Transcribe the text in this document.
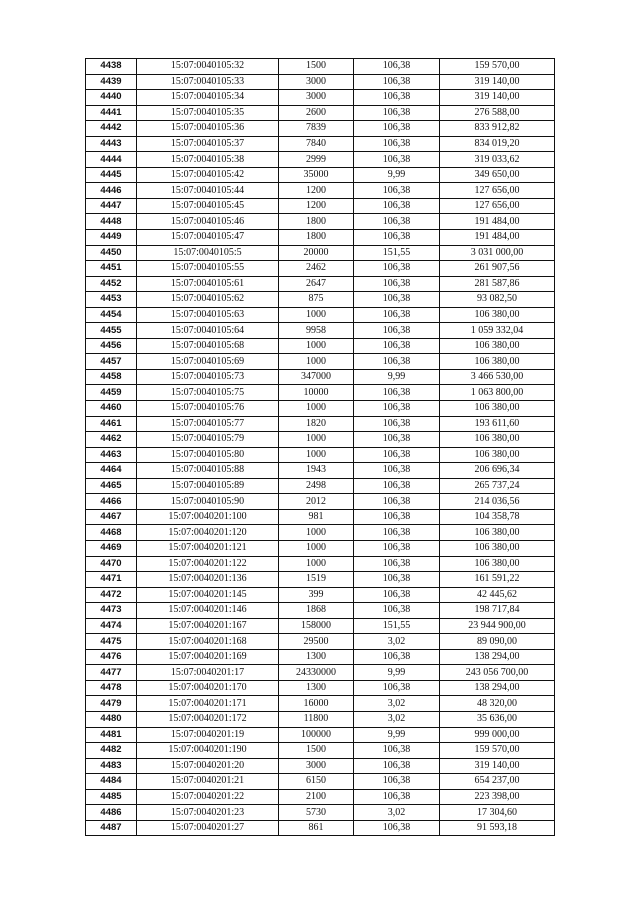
4438	15:07:0040105:32	1500	106,38	159 570,00
4439	15:07:0040105:33	3000	106,38	319 140,00
4440	15:07:0040105:34	3000	106,38	319 140,00
4441	15:07:0040105:35	2600	106,38	276 588,00
4442	15:07:0040105:36	7839	106,38	833 912,82
4443	15:07:0040105:37	7840	106,38	834 019,20
4444	15:07:0040105:38	2999	106,38	319 033,62
4445	15:07:0040105:42	35000	9,99	349 650,00
4446	15:07:0040105:44	1200	106,38	127 656,00
4447	15:07:0040105:45	1200	106,38	127 656,00
4448	15:07:0040105:46	1800	106,38	191 484,00
4449	15:07:0040105:47	1800	106,38	191 484,00
4450	15:07:0040105:5	20000	151,55	3 031 000,00
4451	15:07:0040105:55	2462	106,38	261 907,56
4452	15:07:0040105:61	2647	106,38	281 587,86
4453	15:07:0040105:62	875	106,38	93 082,50
4454	15:07:0040105:63	1000	106,38	106 380,00
4455	15:07:0040105:64	9958	106,38	1 059 332,04
4456	15:07:0040105:68	1000	106,38	106 380,00
4457	15:07:0040105:69	1000	106,38	106 380,00
4458	15:07:0040105:73	347000	9,99	3 466 530,00
4459	15:07:0040105:75	10000	106,38	1 063 800,00
4460	15:07:0040105:76	1000	106,38	106 380,00
4461	15:07:0040105:77	1820	106,38	193 611,60
4462	15:07:0040105:79	1000	106,38	106 380,00
4463	15:07:0040105:80	1000	106,38	106 380,00
4464	15:07:0040105:88	1943	106,38	206 696,34
4465	15:07:0040105:89	2498	106,38	265 737,24
4466	15:07:0040105:90	2012	106,38	214 036,56
4467	15:07:0040201:100	981	106,38	104 358,78
4468	15:07:0040201:120	1000	106,38	106 380,00
4469	15:07:0040201:121	1000	106,38	106 380,00
4470	15:07:0040201:122	1000	106,38	106 380,00
4471	15:07:0040201:136	1519	106,38	161 591,22
4472	15:07:0040201:145	399	106,38	42 445,62
4473	15:07:0040201:146	1868	106,38	198 717,84
4474	15:07:0040201:167	158000	151,55	23 944 900,00
4475	15:07:0040201:168	29500	3,02	89 090,00
4476	15:07:0040201:169	1300	106,38	138 294,00
4477	15:07:0040201:17	24330000	9,99	243 056 700,00
4478	15:07:0040201:170	1300	106,38	138 294,00
4479	15:07:0040201:171	16000	3,02	48 320,00
4480	15:07:0040201:172	11800	3,02	35 636,00
4481	15:07:0040201:19	100000	9,99	999 000,00
4482	15:07:0040201:190	1500	106,38	159 570,00
4483	15:07:0040201:20	3000	106,38	319 140,00
4484	15:07:0040201:21	6150	106,38	654 237,00
4485	15:07:0040201:22	2100	106,38	223 398,00
4486	15:07:0040201:23	5730	3,02	17 304,60
4487	15:07:0040201:27	861	106,38	91 593,18
